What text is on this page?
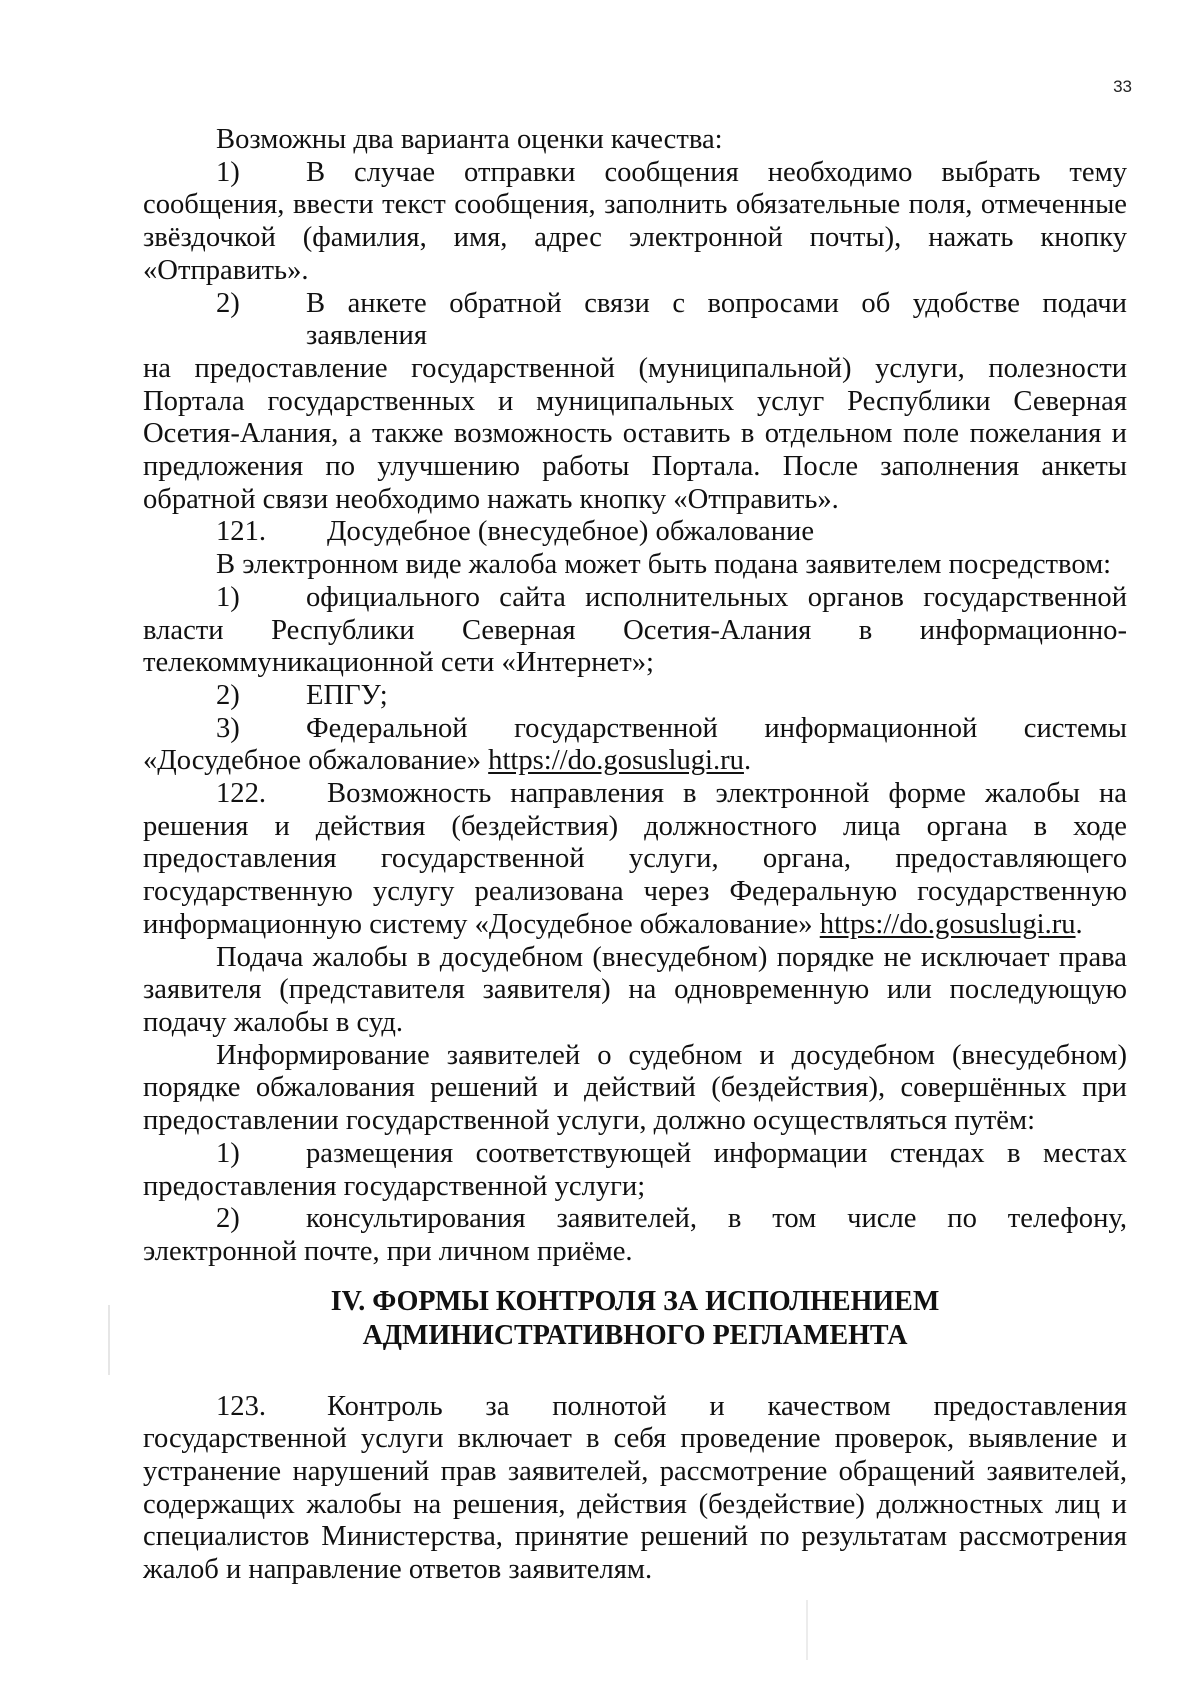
33

Возможны два варианта оценки качества:

1)	В случае отправки сообщения необходимо выбрать тему

сообщения, ввести текст сообщения, заполнить обязательные поля, отмеченные звёздочкой (фамилия, имя, адрес электронной почты), нажать кнопку «Отправить».

2)	В анкете обратной связи с вопросами об удобстве подачи заявления

на предоставление государственной (муниципальной) услуги, полезности Портала государственных и муниципальных услуг Республики Северная Осетия-Алания, а также возможность оставить в отдельном поле пожелания и предложения по улучшению работы Портала. После заполнения анкеты обратной связи необходимо нажать кнопку «Отправить».

121.	Досудебное (внесудебное) обжалование

В электронном виде жалоба может быть подана заявителем посредством:

1)	официального сайта исполнительных органов государственной

власти Республики Северная Осетия-Алания в информационно-телекоммуникационной сети «Интернет»;

2)	ЕПГУ;
3)	Федеральной государственной информационной системы

«Досудебное обжалование» https://do.gosuslugi.ru.

122.	Возможность направления в электронной форме жалобы на

решения и действия (бездействия) должностного лица органа в ходе предоставления государственной услуги, органа, предоставляющего государственную услугу реализована через Федеральную государственную информационную систему «Досудебное обжалование» https://do.gosuslugi.ru.

Подача жалобы в досудебном (внесудебном) порядке не исключает права заявителя (представителя заявителя) на одновременную или последующую подачу жалобы в суд.

Информирование заявителей о судебном и досудебном (внесудебном) порядке обжалования решений и действий (бездействия), совершённых при предоставлении государственной услуги, должно осуществляться путём:

1)	размещения соответствующей информации стендах в местах

предоставления государственной услуги;

2)	консультирования заявителей, в том числе по телефону,

электронной почте, при личном приёме.

IV. ФОРМЫ КОНТРОЛЯ ЗА ИСПОЛНЕНИЕМ

АДМИНИСТРАТИВНОГО РЕГЛАМЕНТА

123.	Контроль за полнотой и качеством предоставления

государственной услуги включает в себя проведение проверок, выявление и устранение нарушений прав заявителей, рассмотрение обращений заявителей, содержащих жалобы на решения, действия (бездействие) должностных лиц и специалистов Министерства, принятие решений по результатам рассмотрения жалоб и направление ответов заявителям.
